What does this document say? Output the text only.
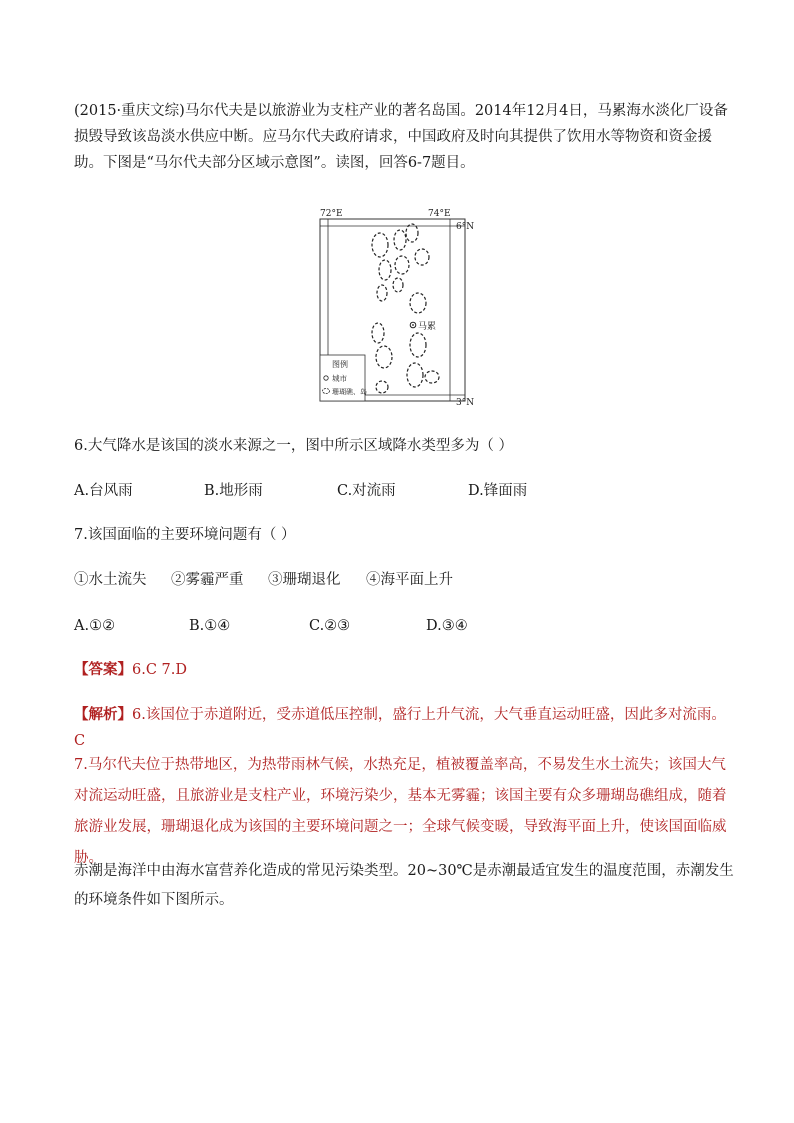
(2015·重庆文综)马尔代夫是以旅游业为支柱产业的著名岛国。2014年12月4日，马累海水淡化厂设备损毁导致该岛淡水供应中断。应马尔代夫政府请求，中国政府及时向其提供了饮用水等物资和资金援助。下图是“马尔代夫部分区域示意图”。读图，回答6-7题目。

马累
72°E	74°E
6°N
3°N
图例
城市
珊瑚礁、岛

6.大气降水是该国的淡水来源之一，图中所示区域降水类型多为（ ）

A.台风雨	B.地形雨	C.对流雨	D.锋面雨

7.该国面临的主要环境问题有（ ）

①水土流失 ②雾霾严重 ③珊瑚退化 ④海平面上升
A.①②	B.①④	C.②③	D.③④
【答案】6.C 7.D

【解析】6.该国位于赤道附近，受赤道低压控制，盛行上升气流，大气垂直运动旺盛，因此多对流雨。C

7.马尔代夫位于热带地区，为热带雨林气候，水热充足，植被覆盖率高，不易发生水土流失；该国大气对流运动旺盛，且旅游业是支柱产业，环境污染少，基本无雾霾；该国主要有众多珊瑚岛礁组成，随着旅游业发展，珊瑚退化成为该国的主要环境问题之一；全球气候变暖，导致海平面上升，使该国面临威胁。

赤潮是海洋中由海水富营养化造成的常见污染类型。20~30℃是赤潮最适宜发生的温度范围，赤潮发生的环境条件如下图所示。
